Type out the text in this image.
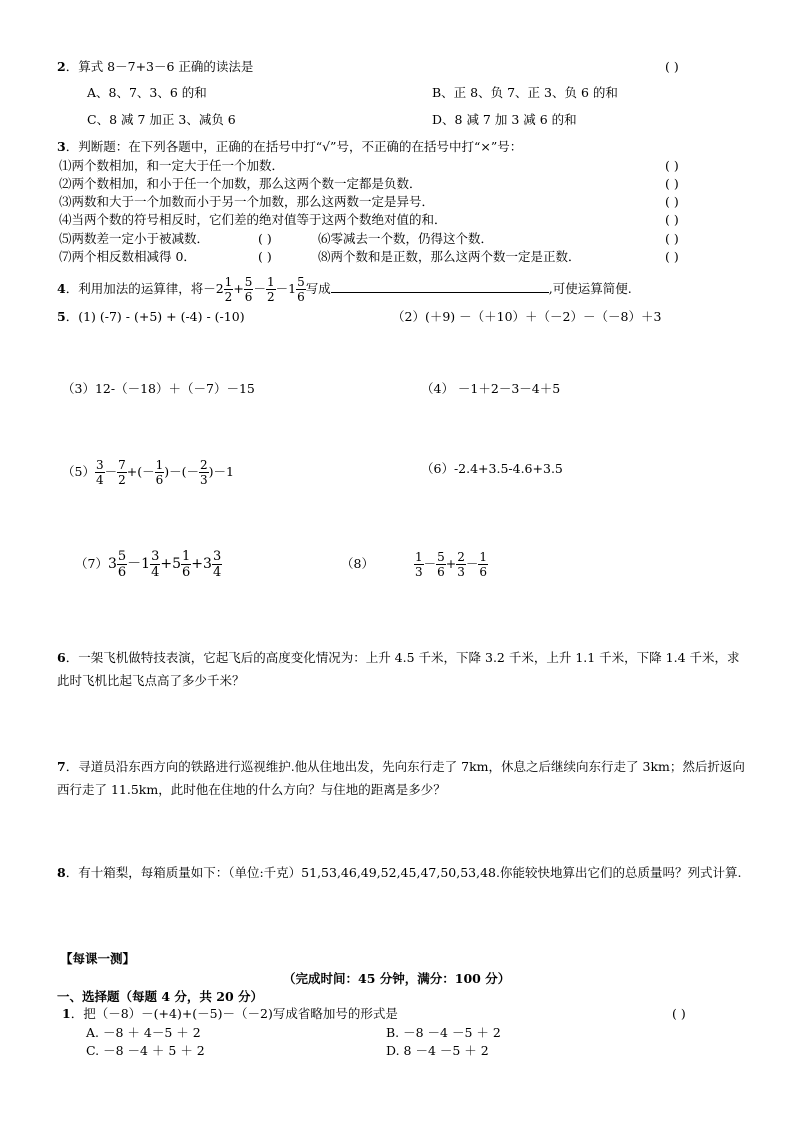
2．算式 8－7+3－6 正确的读法是	( )
A、8、7、3、6 的和	B、正 8、负 7、正 3、负 6 的和
C、8 减 7 加正 3、减负 6	D、8 减 7 加 3 减 6 的和
3．判断题：在下列各题中，正确的在括号中打“√”号，不正确的在括号中打“×”号：
⑴两个数相加，和一定大于任一个加数．	( )
⑵两个数相加，和小于任一个加数，那么这两个数一定都是负数．	( )
⑶两数和大于一个加数而小于另一个加数，那么这两数一定是异号．	( )
⑷当两个数的符号相反时，它们差的绝对值等于这两个数绝对值的和．	( )
⑸两数差一定小于被减数．	( )	⑹零减去一个数，仍得这个数．	( )
⑺两个相反数相减得 0．	( )	⑻两个数和是正数，那么这两个数一定是正数．	( )
4．利用加法的运算律，将$-2 \frac{1}{2} + \frac{5}{6} - \frac{1}{2} -1 \frac{5}{6}$ 写成	,可使运算简便.
5．(1) (-7) - (+5) + (-4) - (-10)	（2）(＋9) －（＋10）＋（－2）－（－8）＋3
（3）12-（－18）＋（－7）－15	（4） －1＋2－3－4＋5
$(5) \frac{3}{4} - \frac{7}{2}$ +(－ $\frac{1}{6}$ )－(－ $\frac{2}{3} )-1$	（6）-2.4+3.5-4.6+3.5
$(7)3 \frac{5}{6} -1 \frac{3}{4} +5 \frac{1}{6} +3 \frac{3}{4}$	（8）	$\frac{1}{3} - \frac{5}{6} + \frac{2}{3} - \frac{1}{6}$
6．一架飞机做特技表演，它起飞后的高度变化情况为：上升 4.5 千米，下降 3.2 千米，上升 1.1 千米，下降 1.4 千米，求此时飞机比起飞点高了多少千米？
7．寻道员沿东西方向的铁路进行巡视维护.他从住地出发，先向东行走了 7km，休息之后继续向东行走了 3km；然后折返向西行走了 11.5km，此时他在住地的什么方向？与住地的距离是多少？
8．有十箱梨，每箱质量如下：（单位:千克）51,53,46,49,52,45,47,50,53,48.你能较快地算出它们的总质量吗？列式计算.
【每课一测】
（完成时间：45 分钟，满分：100 分）
一、选择题（每题 4 分，共 20 分）
1．把（－8）－(+4)+(－5)－（－2)写成省略加号的形式是	( )
A. －8 ＋ 4－5 ＋ 2	B. －8 －4 －5 ＋ 2
C. －8 －4 ＋ 5 ＋ 2	D. 8 －4 －5 ＋ 2
